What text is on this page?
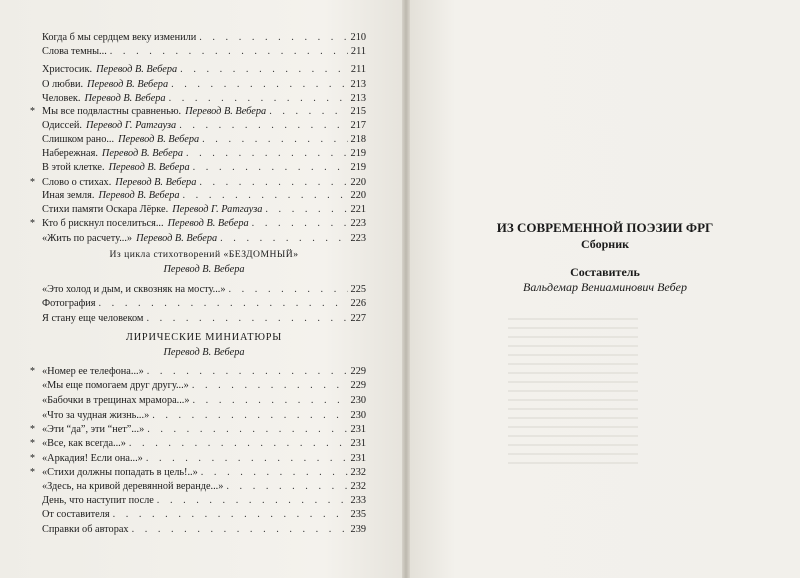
Из цикла стихотворений «БЕЗДОМНЫЙ»
Перевод В. Вебера
ЛИРИЧЕСКИЕ МИНИАТЮРЫ
Перевод В. Вебера
Когда б мы сердцем веку изменили . . .	210
Слова темны... . . .	211
Христосик. Перевод В. Вебера . . .	211
О любви. Перевод В. Вебера . . .	213
Человек. Перевод В. Вебера . . .	213
* Мы все подвластны сравненью. Перевод В. Вебера . . .	215
Одиссей. Перевод Г. Ратгауза . . .	217
Слишком рано... Перевод В. Вебера . . .	218
Набережная. Перевод В. Вебера . . .	219
В этой клетке. Перевод В. Вебера . . .	219
* Слово о стихах. Перевод В. Вебера . . .	220
Иная земля. Перевод В. Вебера . . .	220
Стихи памяти Оскара Лёрке. Перевод Г. Ратгауза . . .	221
* Кто б рискнул поселиться... Перевод В. Вебера . . .	223
«Жить по расчету...» Перевод В. Вебера . . .	223
«Это холод и дым, и сквозняк на мосту...» . . .	225
Фотография . . .	226
Я стану еще человеком . . .	227
* «Номер ее телефона...» . . .	229
«Мы еще помогаем друг другу...» . . .	229
«Бабочки в трещинах мрамора...» . . .	230
«Что за чудная жизнь...» . . .	230
* «Эти “да”, эти “нет”...» . . .	231
* «Все, как всегда...» . . .	231
* «Аркадия! Если она...» . . .	231
* «Стихи должны попадать в цель!..» . . .	232
«Здесь, на кривой деревянной веранде...» . . .	232
День, что наступит после . . .	233
От составителя . . .	235
Справки об авторах . . .	239
ИЗ СОВРЕМЕННОЙ ПОЭЗИИ ФРГ
Сборник
Составитель
Вальдемар Вениаминович Вебер
